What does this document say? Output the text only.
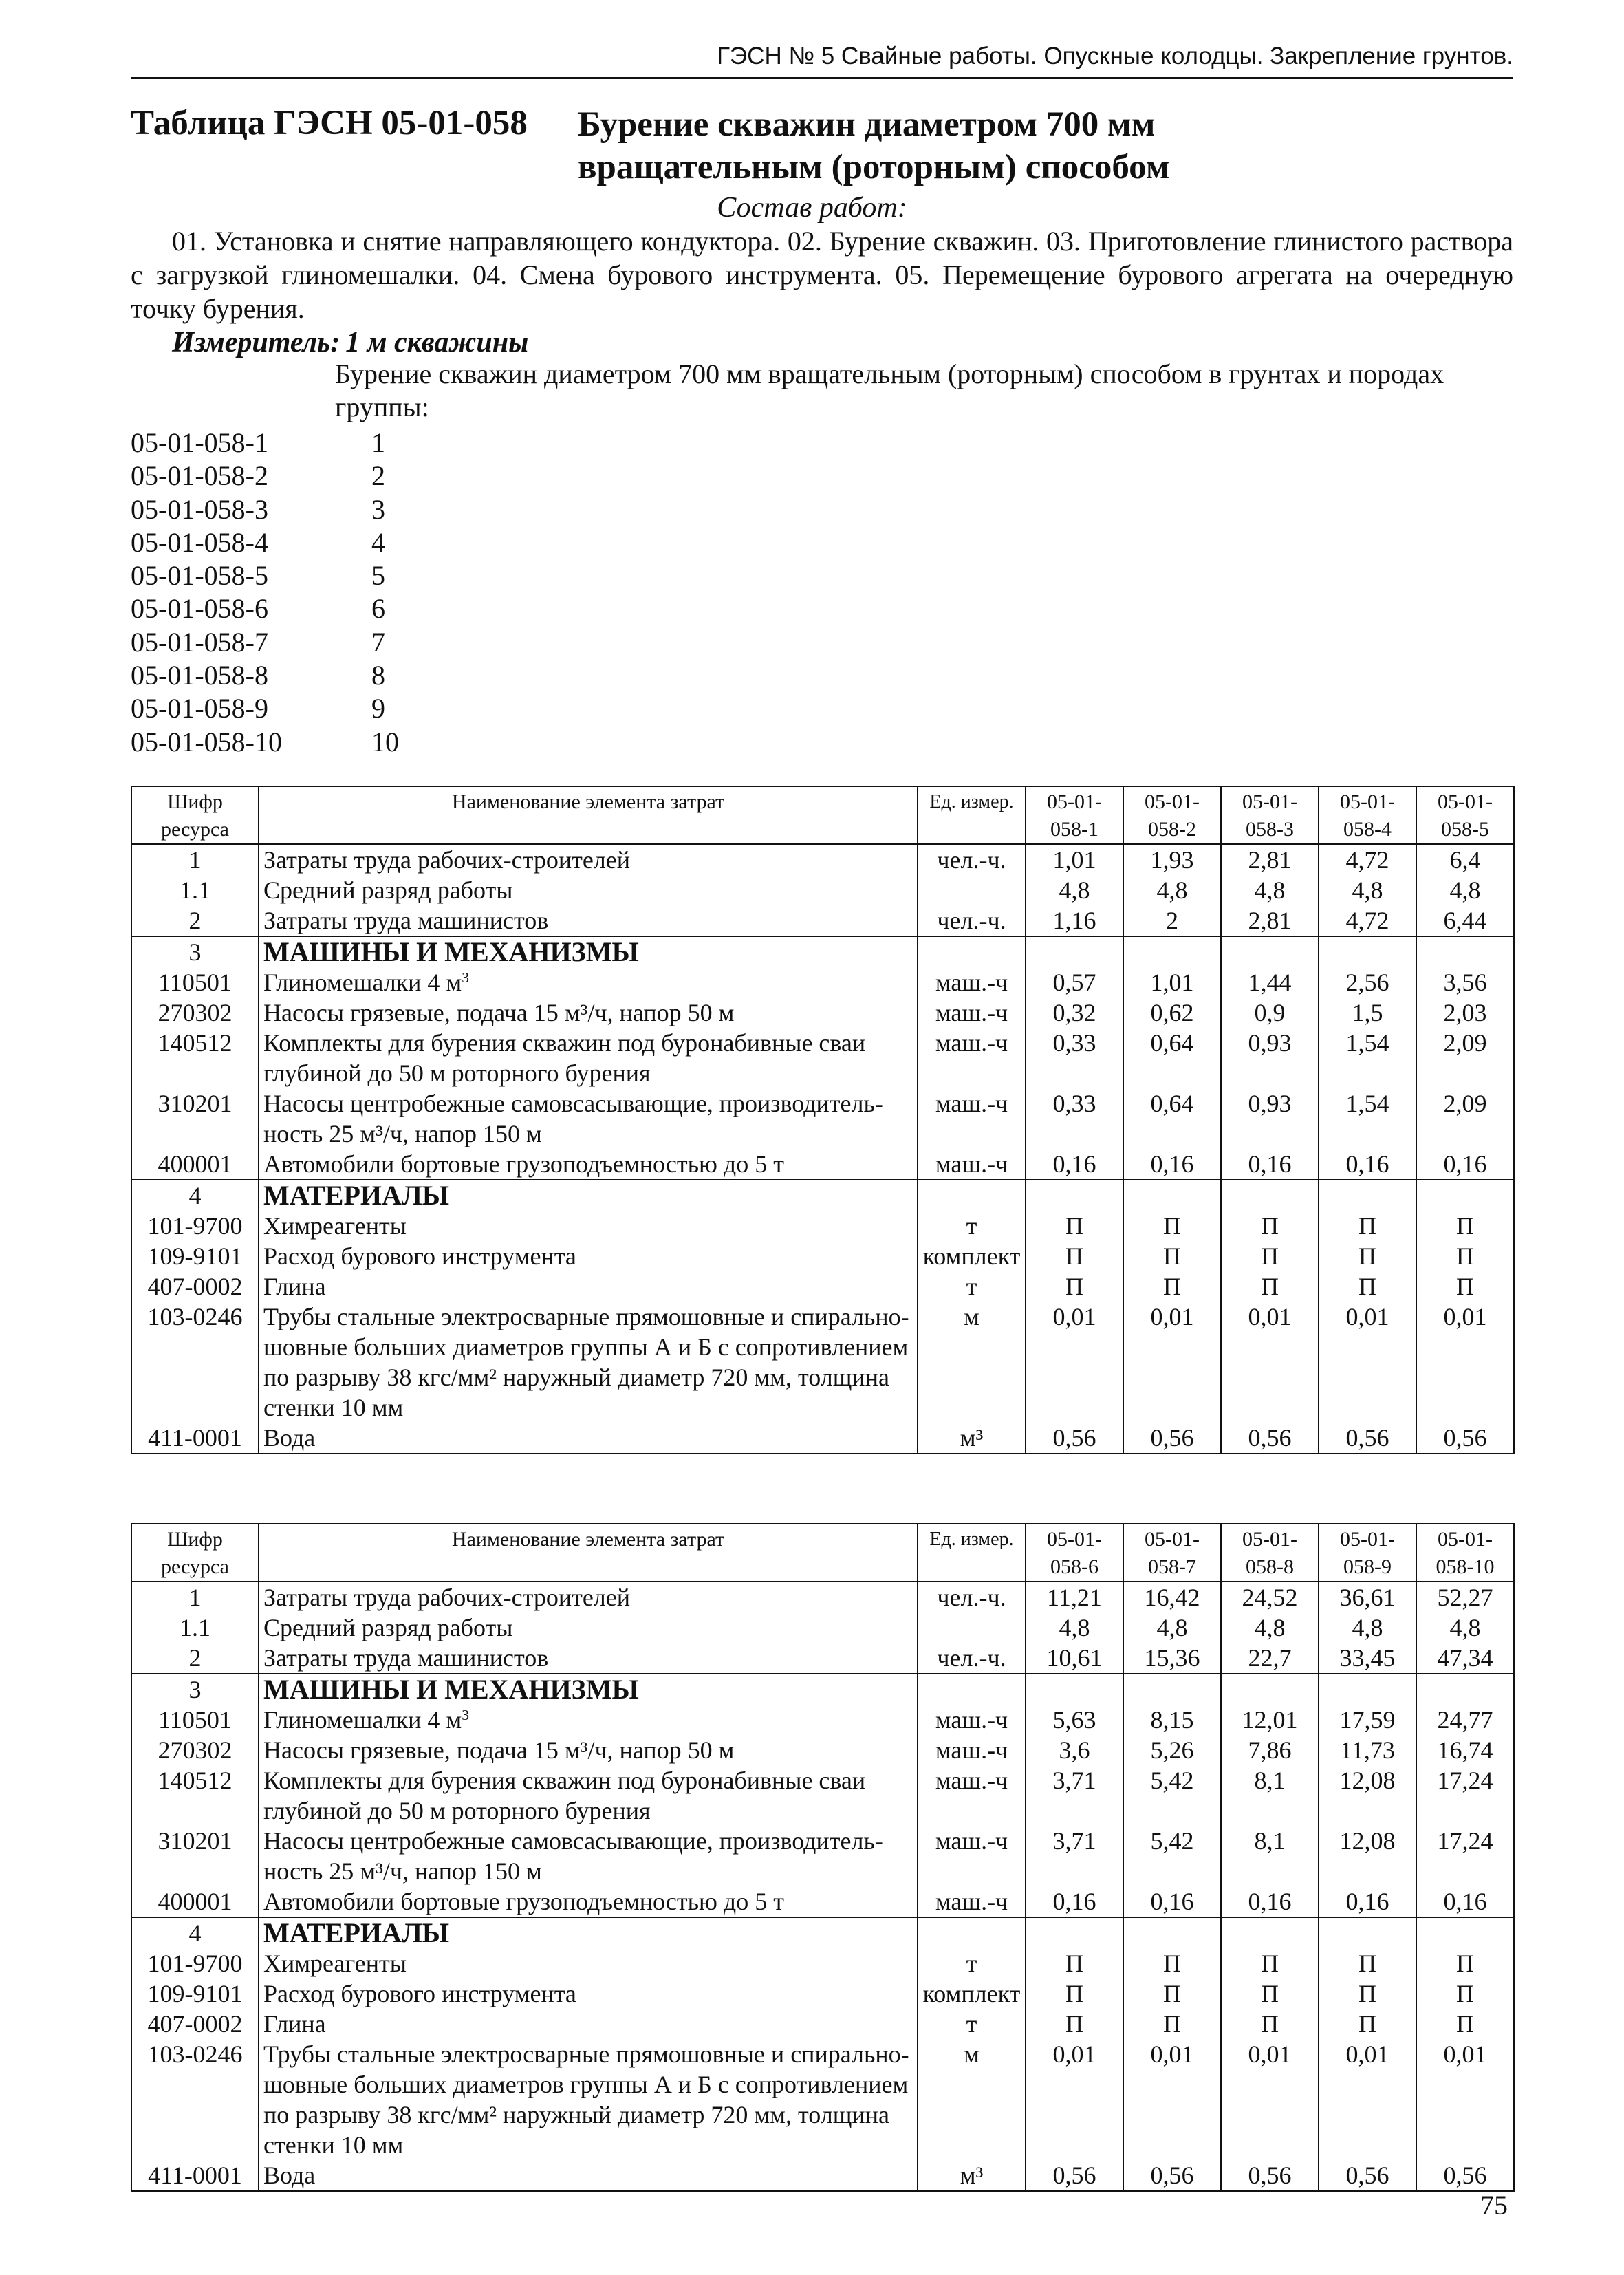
ГЭСН № 5 Свайные работы. Опускные колодцы. Закрепление грунтов.
Таблица ГЭСН 05-01-058 Бурение скважин диаметром 700 мм
вращательным (роторным) способом
Состав работ:
01. Установка и снятие направляющего кондуктора. 02. Бурение скважин. 03. Приготовление глинистого раствора с загрузкой глиномешалки. 04. Смена бурового инструмента. 05. Перемещение бурового агрегата на очередную точку бурения.
Измеритель: 1 м скважины
Бурение скважин диаметром 700 мм вращательным (роторным) способом в грунтах и породах группы:
05-01-058-1	1
05-01-058-2	2
05-01-058-3	3
05-01-058-4	4
05-01-058-5	5
05-01-058-6	6
05-01-058-7	7
05-01-058-8	8
05-01-058-9	9
05-01-058-10	10
Шифр
ресурса	Наименование элемента затрат	Ед. измер.	05-01-
058-1	05-01-
058-2	05-01-
058-3	05-01-
058-4	05-01-
058-5

1	Затраты труда рабочих-строителей	чел.-ч.	1,01	1,93	2,81	4,72	6,4
1.1	Средний разряд работы		4,8	4,8	4,8	4,8	4,8
2	Затраты труда машинистов	чел.-ч.	1,16	2	2,81	4,72	6,44
3	МАШИНЫ И МЕХАНИЗМЫ						
110501	Глиномешалки 4 $м^3$	маш.-ч	0,57	1,01	1,44	2,56	3,56
270302	Насосы грязевые, подача 15 м³/ч, напор 50 м	маш.-ч	0,32	0,62	0,9	1,5	2,03
140512	Комплекты для бурения скважин под буронабивные сваи
глубиной до 50 м роторного бурения	маш.-ч	0,33	0,64	0,93	1,54	2,09
310201	Насосы центробежные самовсасывающие, производитель-
ность 25 м³/ч, напор 150 м	маш.-ч	0,33	0,64	0,93	1,54	2,09
400001	Автомобили бортовые грузоподъемностью до 5 т	маш.-ч	0,16	0,16	0,16	0,16	0,16
4	МАТЕРИАЛЫ						
101-9700	Химреагенты	т	П	П	П	П	П
109-9101	Расход бурового инструмента	комплект	П	П	П	П	П
407-0002	Глина	т	П	П	П	П	П
103-0246	Трубы стальные электросварные прямошовные и спирально-
шовные больших диаметров группы А и Б с сопротивлением
по разрыву 38 кгс/мм² наружный диаметр 720 мм, толщина
стенки 10 мм	м	0,01	0,01	0,01	0,01	0,01
411-0001	Вода	м³	0,56	0,56	0,56	0,56	0,56
Шифр
ресурса	Наименование элемента затрат	Ед. измер.	05-01-
058-6	05-01-
058-7	05-01-
058-8	05-01-
058-9	05-01-
058-10

1	Затраты труда рабочих-строителей	чел.-ч.	11,21	16,42	24,52	36,61	52,27
1.1	Средний разряд работы		4,8	4,8	4,8	4,8	4,8
2	Затраты труда машинистов	чел.-ч.	10,61	15,36	22,7	33,45	47,34
3	МАШИНЫ И МЕХАНИЗМЫ						
110501	Глиномешалки 4 $м^3$	маш.-ч	5,63	8,15	12,01	17,59	24,77
270302	Насосы грязевые, подача 15 м³/ч, напор 50 м	маш.-ч	3,6	5,26	7,86	11,73	16,74
140512	Комплекты для бурения скважин под буронабивные сваи
глубиной до 50 м роторного бурения	маш.-ч	3,71	5,42	8,1	12,08	17,24
310201	Насосы центробежные самовсасывающие, производитель-
ность 25 м³/ч, напор 150 м	маш.-ч	3,71	5,42	8,1	12,08	17,24
400001	Автомобили бортовые грузоподъемностью до 5 т	маш.-ч	0,16	0,16	0,16	0,16	0,16
4	МАТЕРИАЛЫ						
101-9700	Химреагенты	т	П	П	П	П	П
109-9101	Расход бурового инструмента	комплект	П	П	П	П	П
407-0002	Глина	т	П	П	П	П	П
103-0246	Трубы стальные электросварные прямошовные и спирально-
шовные больших диаметров группы А и Б с сопротивлением
по разрыву 38 кгс/мм² наружный диаметр 720 мм, толщина
стенки 10 мм	м	0,01	0,01	0,01	0,01	0,01
411-0001	Вода	м³	0,56	0,56	0,56	0,56	0,56
75
